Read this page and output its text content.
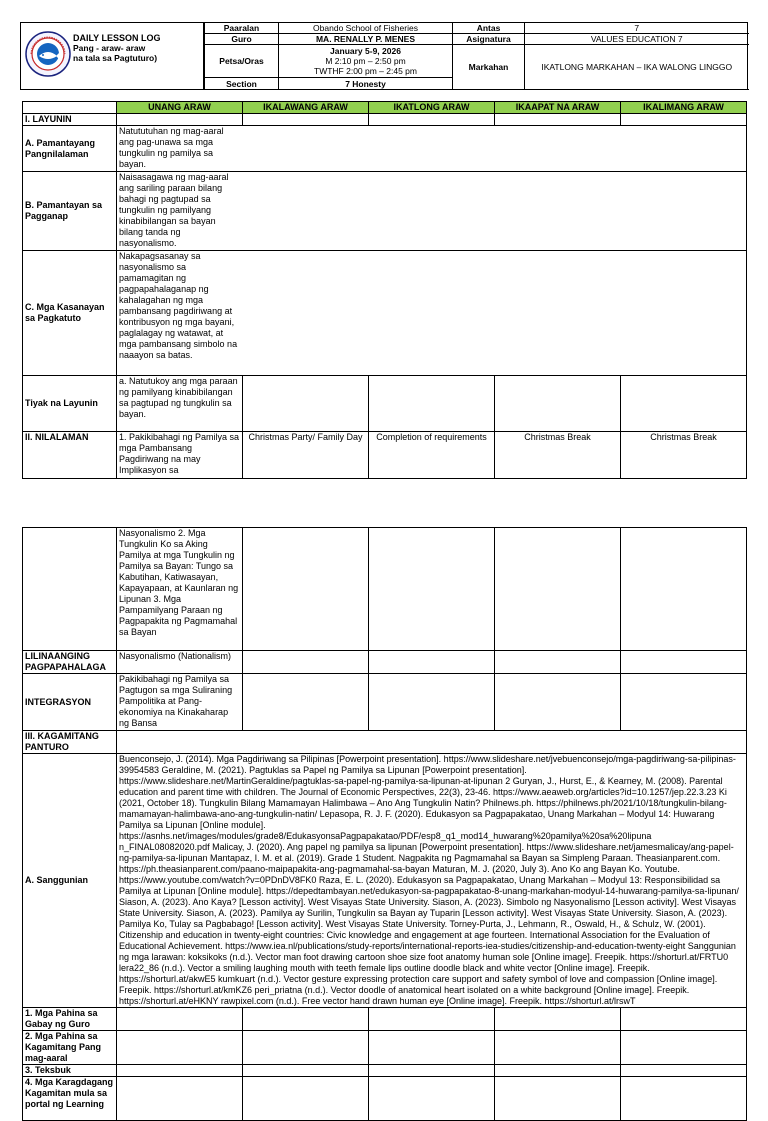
DAILY LESSON LOG
Pang - araw- araw
na tala sa Pagtuturo)
Paaralan	Obando School of Fisheries	Antas	7
Guro	MA. RENALLY P. MENES	Asignatura	VALUES EDUCATION 7
Petsa/Oras	January 5-9, 2026
M 2:10 pm – 2:50 pm
TWTHF 2:00 pm – 2:45 pm	Markahan	IKATLONG MARKAHAN – IKA WALONG LINGGO
Section	7 Honesty		
	UNANG ARAW	IKALAWANG ARAW	IKATLONG ARAW	IKAAPAT NA ARAW	IKALIMANG ARAW
I. LAYUNIN					
A. Pamantayang Pangnilalaman	Natututuhan ng mag-aaral ang pag-unawa sa mga tungkulin ng pamilya sa bayan.				

B. Pamantayan sa Pagganap	Naisasagawa ng mag-aaral ang sariling paraan bilang bahagi ng pagtupad sa tungkulin ng pamilyang kinabibilangan sa bayan bilang tanda ng nasyonalismo.				

C. Mga Kasanayan sa Pagkatuto	Nakapagsasanay sa nasyonalismo sa pamamagitan ng pagpapahalaganap ng kahalagahan ng mga pambansang pagdiriwang at kontribusyon ng mga bayani, paglalagay ng watawat, at mga pambansang simbolo na naaayon sa batas.				

Tiyak na Layunin	a. Natutukoy ang mga paraan ng pamilyang kinabibilangan sa pagtupad ng tungkulin sa bayan.				
II. NILALAMAN	1. Pakikibahagi ng Pamilya sa mga Pambansang Pagdiriwang na may Implikasyon sa	Christmas Party/ Family Day	Completion of requirements	Christmas Break	Christmas Break
	Nasyonalismo 2. Mga Tungkulin Ko sa Aking Pamilya at mga Tungkulin ng Pamilya sa Bayan: Tungo sa Kabutihan, Katiwasayan, Kapayapaan, at Kaunlaran ng Lipunan 3. Mga Pampamilyang Paraan ng Pagpapakita ng Pagmamahal sa Bayan				
LILINAANGING PAGPAPAHALAGA	Nasyonalismo (Nationalism)				
INTEGRASYON	Pakikibahagi ng Pamilya sa Pagtugon sa mga Suliraning Pampolitika at Pang-ekonomiya na Kinakaharap ng Bansa				
III. KAGAMITANG PANTURO					
A. Sanggunian	Buenconsejo, J. (2014). Mga Pagdiriwang sa Pilipinas [Powerpoint presentation]. https://www.slideshare.net/jvebuenconsejo/mga-pagdiriwang-sa-pilipinas-39954583 Geraldine, M. (2021). Pagtuklas sa Papel ng Pamilya sa Lipunan [Powerpoint presentation]. https://www.slideshare.net/MartinGeraldine/pagtuklas-sa-papel-ng-pamilya-sa-lipunan-at-lipunan 2 Guryan, J., Hurst, E., & Kearney, M. (2008). Parental education and parent time with children. The Journal of Economic Perspectives, 22(3), 23-46. https://www.aeaweb.org/articles?id=10.1257/jep.22.3.23 Ki (2021, October 18). Tungkulin Bilang Mamamayan Halimbawa – Ano Ang Tungkulin Natin? Philnews.ph. https://philnews.ph/2021/10/18/tungkulin-bilang-mamamayan-halimbawa-ano-ang-tungkulin-natin/ Lepasopa, R. J. F. (2020). Edukasyon sa Pagpapakatao, Unang Markahan – Modyul 14: Huwarang Pamilya sa Lipunan [Online module]. https://asnhs.net/images/modules/grade8/EdukasyonsaPagpapakatao/PDF/esp8_q1_mod14_huwarang%20pamilya%20sa%20lipuna n_FINAL08082020.pdf Malicay, J. (2020). Ang papel ng pamilya sa lipunan [Powerpoint presentation]. https://www.slideshare.net/jamesmalicay/ang-papel-ng-pamilya-sa-lipunan Mantapaz, I. M. et al. (2019). Grade 1 Student. Nagpakita ng Pagmamahal sa Bayan sa Simpleng Paraan. Theasianparent.com. https://ph.theasianparent.com/paano-maipapakita-ang-pagmamahal-sa-bayan Maturan, M. J. (2020, July 3). Ano Ko ang Bayan Ko. Youtube. https://www.youtube.com/watch?v=0PDnDV8FK0 Raza, E. L. (2020). Edukasyon sa Pagpapakatao, Unang Markahan – Modyul 13: Responsibilidad sa Pamilya at Lipunan [Online module]. https://depedtambayan.net/edukasyon-sa-pagpapakatao-8-unang-markahan-modyul-14-huwarang-pamilya-sa-lipunan/ Siason, A. (2023). Ano Kaya? [Lesson activity]. West Visayas State University. Siason, A. (2023). Simbolo ng Nasyonalismo [Lesson activity]. West Visayas State University. Siason, A. (2023). Pamilya ay Surilin, Tungkulin sa Bayan ay Tuparin [Lesson activity]. West Visayas State University. Siason, A. (2023). Pamilya Ko, Tulay sa Pagbabago! [Lesson activity]. West Visayas State University. Torney-Purta, J., Lehmann, R., Oswald, H., & Schulz, W. (2001). Citizenship and education in twenty-eight countries: Civic knowledge and engagement at age fourteen. International Association for the Evaluation of Educational Achievement. https://www.iea.nl/publications/study-reports/international-reports-iea-studies/citizenship-and-education-twenty-eight Sanggunian ng mga larawan: koksikoks (n.d.). Vector man foot drawing cartoon shoe size foot anatomy human sole [Online image]. Freepik. https://shorturl.at/FRTU0 lera22_86 (n.d.). Vector a smiling laughing mouth with teeth female lips outline doodle black and white vector [Online image]. Freepik. https://shorturl.at/akwE5 kumkuart (n.d.). Vector gesture expressing protection care support and safety symbol of love and compassion [Online image]. Freepik. https://shorturl.at/kmKZ6 peri_priatna (n.d.). Vector doodle of anatomical heart isolated on a white background [Online image]. Freepik. https://shorturl.at/eHKNY rawpixel.com (n.d.). Free vector hand drawn human eye [Online image]. Freepik. https://shorturl.at/lrswT				
1. Mga Pahina sa Gabay ng Guro					
2. Mga Pahina sa Kagamitang Pang mag-aaral					
3. Teksbuk					
4. Mga Karagdagang Kagamitan mula sa portal ng Learning					
